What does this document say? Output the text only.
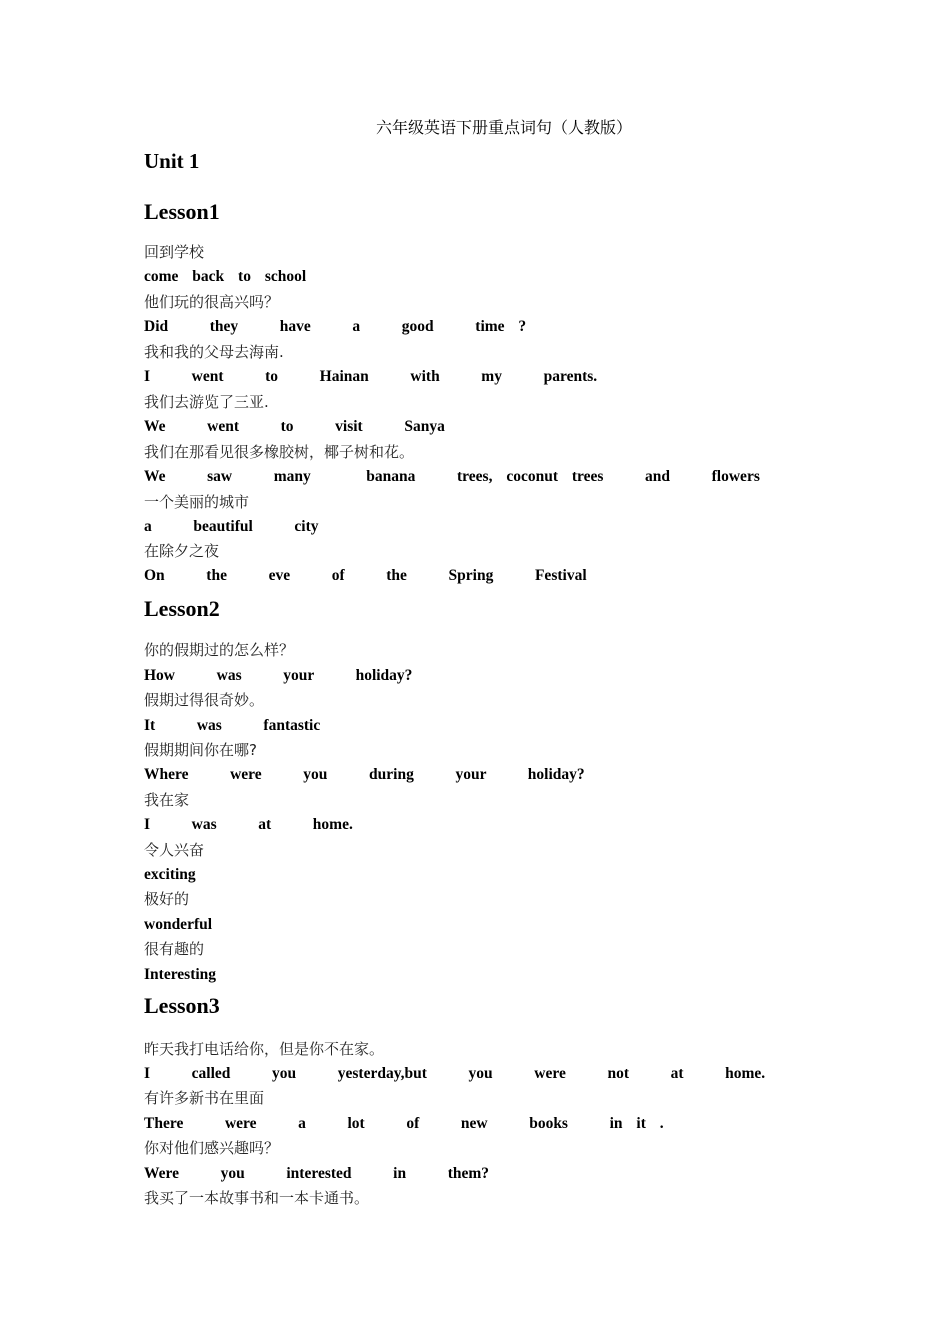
六年级英语下册重点词句（人教版）
Unit 1
Lesson1
回到学校
come back to school
他们玩的很高兴吗？
Did   they   have   a   good   time ?
我和我的父母去海南.
I   went   to   Hainan   with   my   parents.
我们去游览了三亚.
We   went   to   visit   Sanya
我们在那看见很多橡胶树，椰子树和花。
We   saw   many    banana   trees, coconut trees   and   flowers
一个美丽的城市
a   beautiful   city
在除夕之夜
On   the   eve   of   the   Spring   Festival
Lesson2
你的假期过的怎么样？
How   was   your   holiday?
假期过得很奇妙。
It   was   fantastic
假期期间你在哪?
Where   were   you   during   your   holiday?
我在家
I   was   at   home.
令人兴奋
exciting
极好的
wonderful
很有趣的
Interesting
Lesson3
昨天我打电话给你，但是你不在家。
I   called   you   yesterday,but   you   were   not   at   home.
有许多新书在里面
There   were   a   lot   of   new   books   in it .
你对他们感兴趣吗？
Were   you   interested   in   them?
我买了一本故事书和一本卡通书。
